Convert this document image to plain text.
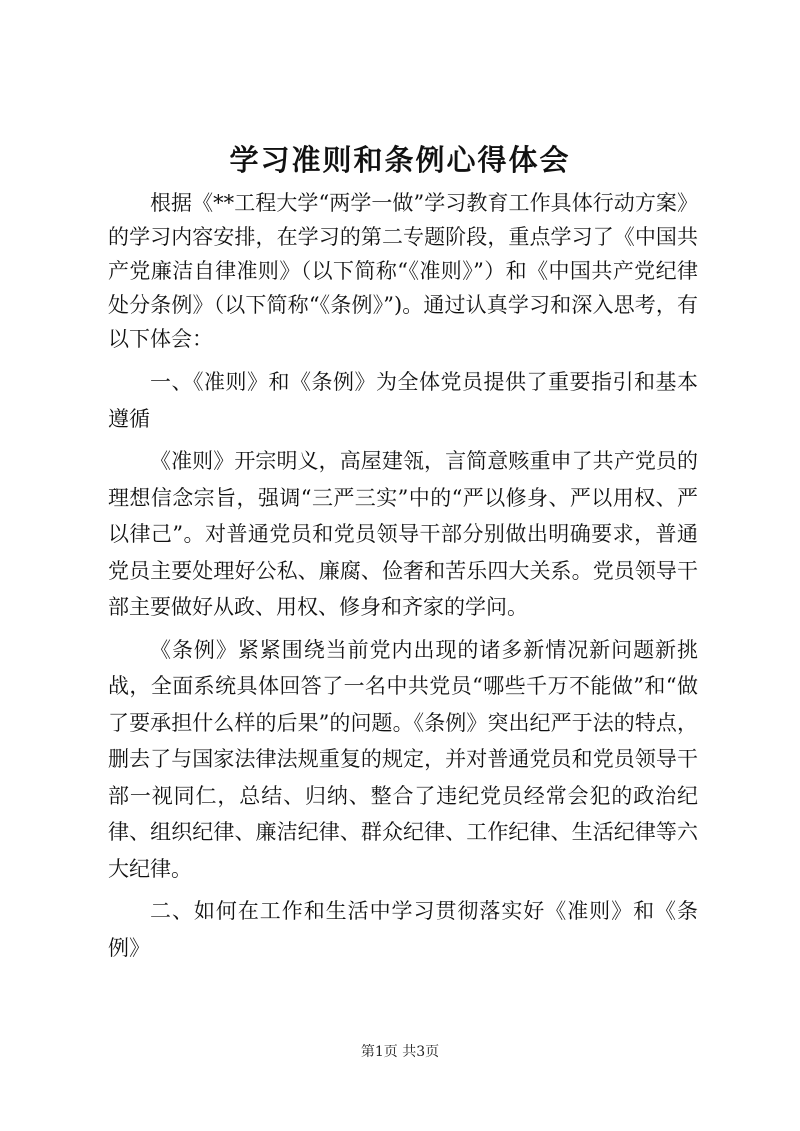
学习准则和条例心得体会

根据《**工程大学“两学一做”学习教育工作具体行动方案》的学习内容安排，在学习的第二专题阶段，重点学习了《中国共产党廉洁自律准则》（以下简称“《准则》”）和《中国共产党纪律处分条例》（以下简称“《条例》”)。通过认真学习和深入思考，有以下体会：

一、《准则》和《条例》为全体党员提供了重要指引和基本遵循

《准则》开宗明义，高屋建瓴，言简意赅重申了共产党员的理想信念宗旨，强调“三严三实”中的“严以修身、严以用权、严以律己”。对普通党员和党员领导干部分别做出明确要求，普通党员主要处理好公私、廉腐、俭奢和苦乐四大关系。党员领导干部主要做好从政、用权、修身和齐家的学问。

《条例》紧紧围绕当前党内出现的诸多新情况新问题新挑战，全面系统具体回答了一名中共党员“哪些千万不能做”和“做了要承担什么样的后果”的问题。《条例》突出纪严于法的特点，删去了与国家法律法规重复的规定，并对普通党员和党员领导干部一视同仁，总结、归纳、整合了违纪党员经常会犯的政治纪律、组织纪律、廉洁纪律、群众纪律、工作纪律、生活纪律等六大纪律。

二、如何在工作和生活中学习贯彻落实好《准则》和《条例》

第1页 共3页
